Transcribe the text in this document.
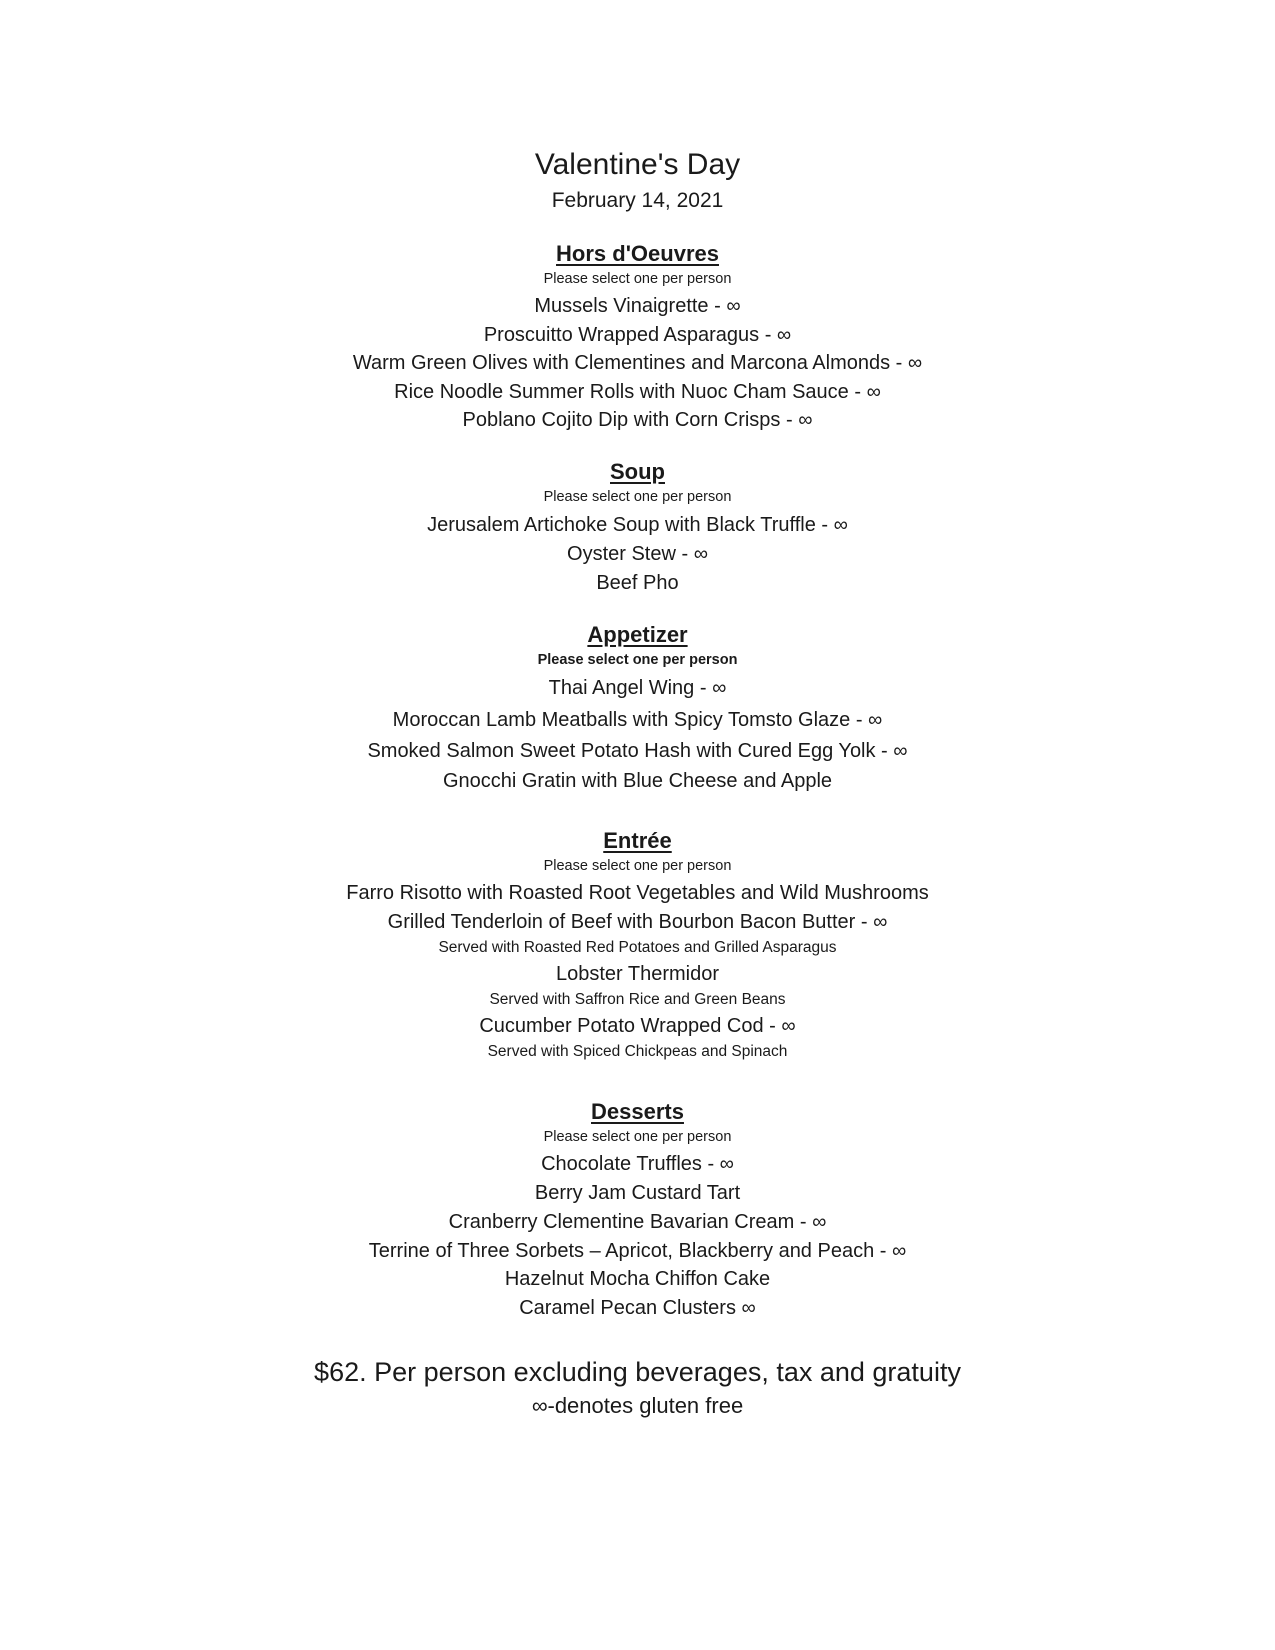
Valentine's Day
February 14, 2021
Hors d'Oeuvres
Please select one per person
Mussels Vinaigrette - ∞
Proscuitto Wrapped Asparagus - ∞
Warm Green Olives with Clementines and Marcona Almonds - ∞
Rice Noodle Summer Rolls with Nuoc Cham Sauce - ∞
Poblano Cojito Dip with Corn Crisps - ∞
Soup
Please select one per person
Jerusalem Artichoke Soup with Black Truffle - ∞
Oyster Stew - ∞
Beef Pho
Appetizer
Please select one per person
Thai Angel Wing - ∞
Moroccan Lamb Meatballs with Spicy Tomsto Glaze - ∞
Smoked Salmon Sweet Potato Hash with Cured Egg Yolk - ∞
Gnocchi Gratin with Blue Cheese and Apple
Entrée
Please select one per person
Farro Risotto with Roasted Root Vegetables and Wild Mushrooms
Grilled Tenderloin of Beef with Bourbon Bacon Butter - ∞
Served with Roasted Red Potatoes and Grilled Asparagus
Lobster Thermidor
Served with Saffron Rice and Green Beans
Cucumber Potato Wrapped Cod - ∞
Served with Spiced Chickpeas and Spinach
Desserts
Please select one per person
Chocolate Truffles - ∞
Berry Jam Custard Tart
Cranberry Clementine Bavarian Cream - ∞
Terrine of Three Sorbets – Apricot, Blackberry and Peach - ∞
Hazelnut Mocha Chiffon Cake
Caramel Pecan Clusters ∞
$62. Per person excluding beverages, tax and gratuity
∞-denotes gluten free
